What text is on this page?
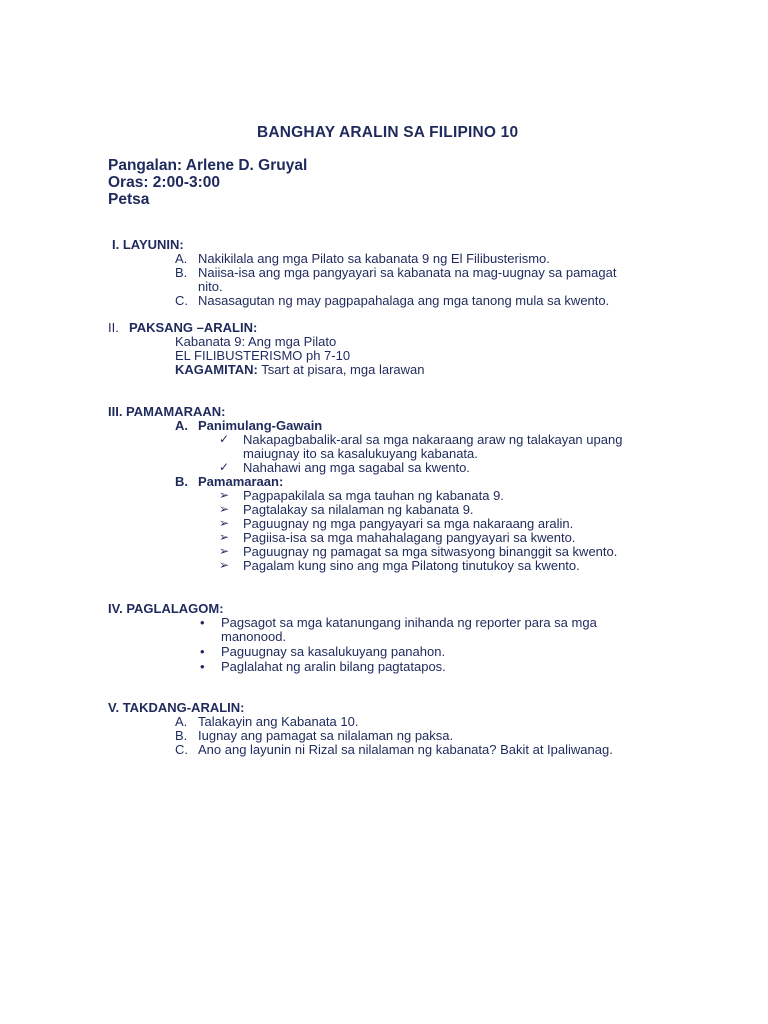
BANGHAY ARALIN SA FILIPINO 10
Pangalan: Arlene D. Gruyal
Oras: 2:00-3:00
Petsa
I. LAYUNIN:
A. Nakikilala ang mga Pilato sa kabanata 9 ng El Filibusterismo.
B. Naiisa-isa ang mga pangyayari sa kabanata na mag-uugnay sa pamagat
nito.
C. Nasasagutan ng may pagpapahalaga ang mga tanong mula sa kwento.
II. PAKSANG –ARALIN:
Kabanata 9: Ang mga Pilato
EL FILIBUSTERISMO ph 7-10
KAGAMITAN: Tsart at pisara, mga larawan
III. PAMAMARAAN:
A. Panimulang-Gawain
✓ Nakapagbabalik-aral sa mga nakaraang araw ng talakayan upang
maiugnay ito sa kasalukuyang kabanata.
✓ Nahahawi ang mga sagabal sa kwento.
B. Pamamaraan:
➢ Pagpapakilala sa mga tauhan ng kabanata 9.
➢ Pagtalakay sa nilalaman ng kabanata 9.
➢ Paguugnay ng mga pangyayari sa mga nakaraang aralin.
➢ Pagiisa-isa sa mga mahahalagang pangyayari sa kwento.
➢ Paguugnay ng pamagat sa mga sitwasyong binanggit sa kwento.
➢ Pagalam kung sino ang mga Pilatong tinutukoy sa kwento.
IV. PAGLALAGOM:
• Pagsagot sa mga katanungang inihanda ng reporter para sa mga
manonood.
• Paguugnay sa kasalukuyang panahon.
• Paglalahat ng aralin bilang pagtatapos.
V. TAKDANG-ARALIN:
A. Talakayin ang Kabanata 10.
B. Iugnay ang pamagat sa nilalaman ng paksa.
C. Ano ang layunin ni Rizal sa nilalaman ng kabanata? Bakit at Ipaliwanag.
